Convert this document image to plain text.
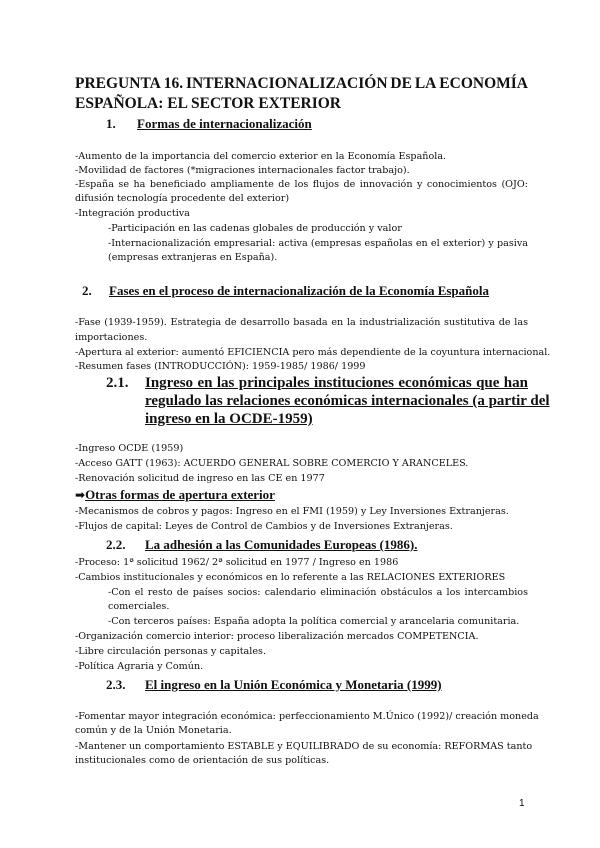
PREGUNTA 16. INTERNACIONALIZACIÓN DE LA ECONOMÍA
ESPAÑOLA: EL SECTOR EXTERIOR
1. Formas de internacionalización
-Aumento de la importancia del comercio exterior en la Economía Española.
-Movilidad de factores (*migraciones internacionales factor trabajo).
-España se ha beneficiado ampliamente de los flujos de innovación y conocimientos (OJO:
difusión tecnología procedente del exterior)
-Integración productiva
-Participación en las cadenas globales de producción y valor
-Internacionalización empresarial: activa (empresas españolas en el exterior) y pasiva
(empresas extranjeras en España).
2. Fases en el proceso de internacionalización de la Economía Española
-Fase (1939-1959). Estrategia de desarrollo basada en la industrialización sustitutiva de las
importaciones.
-Apertura al exterior: aumentó EFICIENCIA pero más dependiente de la coyuntura internacional.
-Resumen fases (INTRODUCCIÓN): 1959-1985/ 1986/ 1999
2.1. Ingreso en las principales instituciones económicas que han
regulado las relaciones económicas internacionales (a partir del
ingreso en la OCDE-1959)
-Ingreso OCDE (1959)
-Acceso GATT (1963): ACUERDO GENERAL SOBRE COMERCIO Y ARANCELES.
-Renovación solicitud de ingreso en las CE en 1977
➡Otras formas de apertura exterior
-Mecanismos de cobros y pagos: Ingreso en el FMI (1959) y Ley Inversiones Extranjeras.
-Flujos de capital: Leyes de Control de Cambios y de Inversiones Extranjeras.
2.2. La adhesión a las Comunidades Europeas (1986).
-Proceso: 1ª solicitud 1962/ 2ª solicitud en 1977 / Ingreso en 1986
-Cambios institucionales y económicos en lo referente a las RELACIONES EXTERIORES
-Con el resto de países socios: calendario eliminación obstáculos a los intercambios
comerciales.
-Con terceros países: España adopta la política comercial y arancelaria comunitaria.
-Organización comercio interior: proceso liberalización mercados COMPETENCIA.
-Libre circulación personas y capitales.
-Política Agraria y Común.
2.3. El ingreso en la Unión Económica y Monetaria (1999)
-Fomentar mayor integración económica: perfeccionamiento M.Único (1992)/ creación moneda
común y de la Unión Monetaria.
-Mantener un comportamiento ESTABLE y EQUILIBRADO de su economía: REFORMAS tanto
institucionales como de orientación de sus políticas.
1
